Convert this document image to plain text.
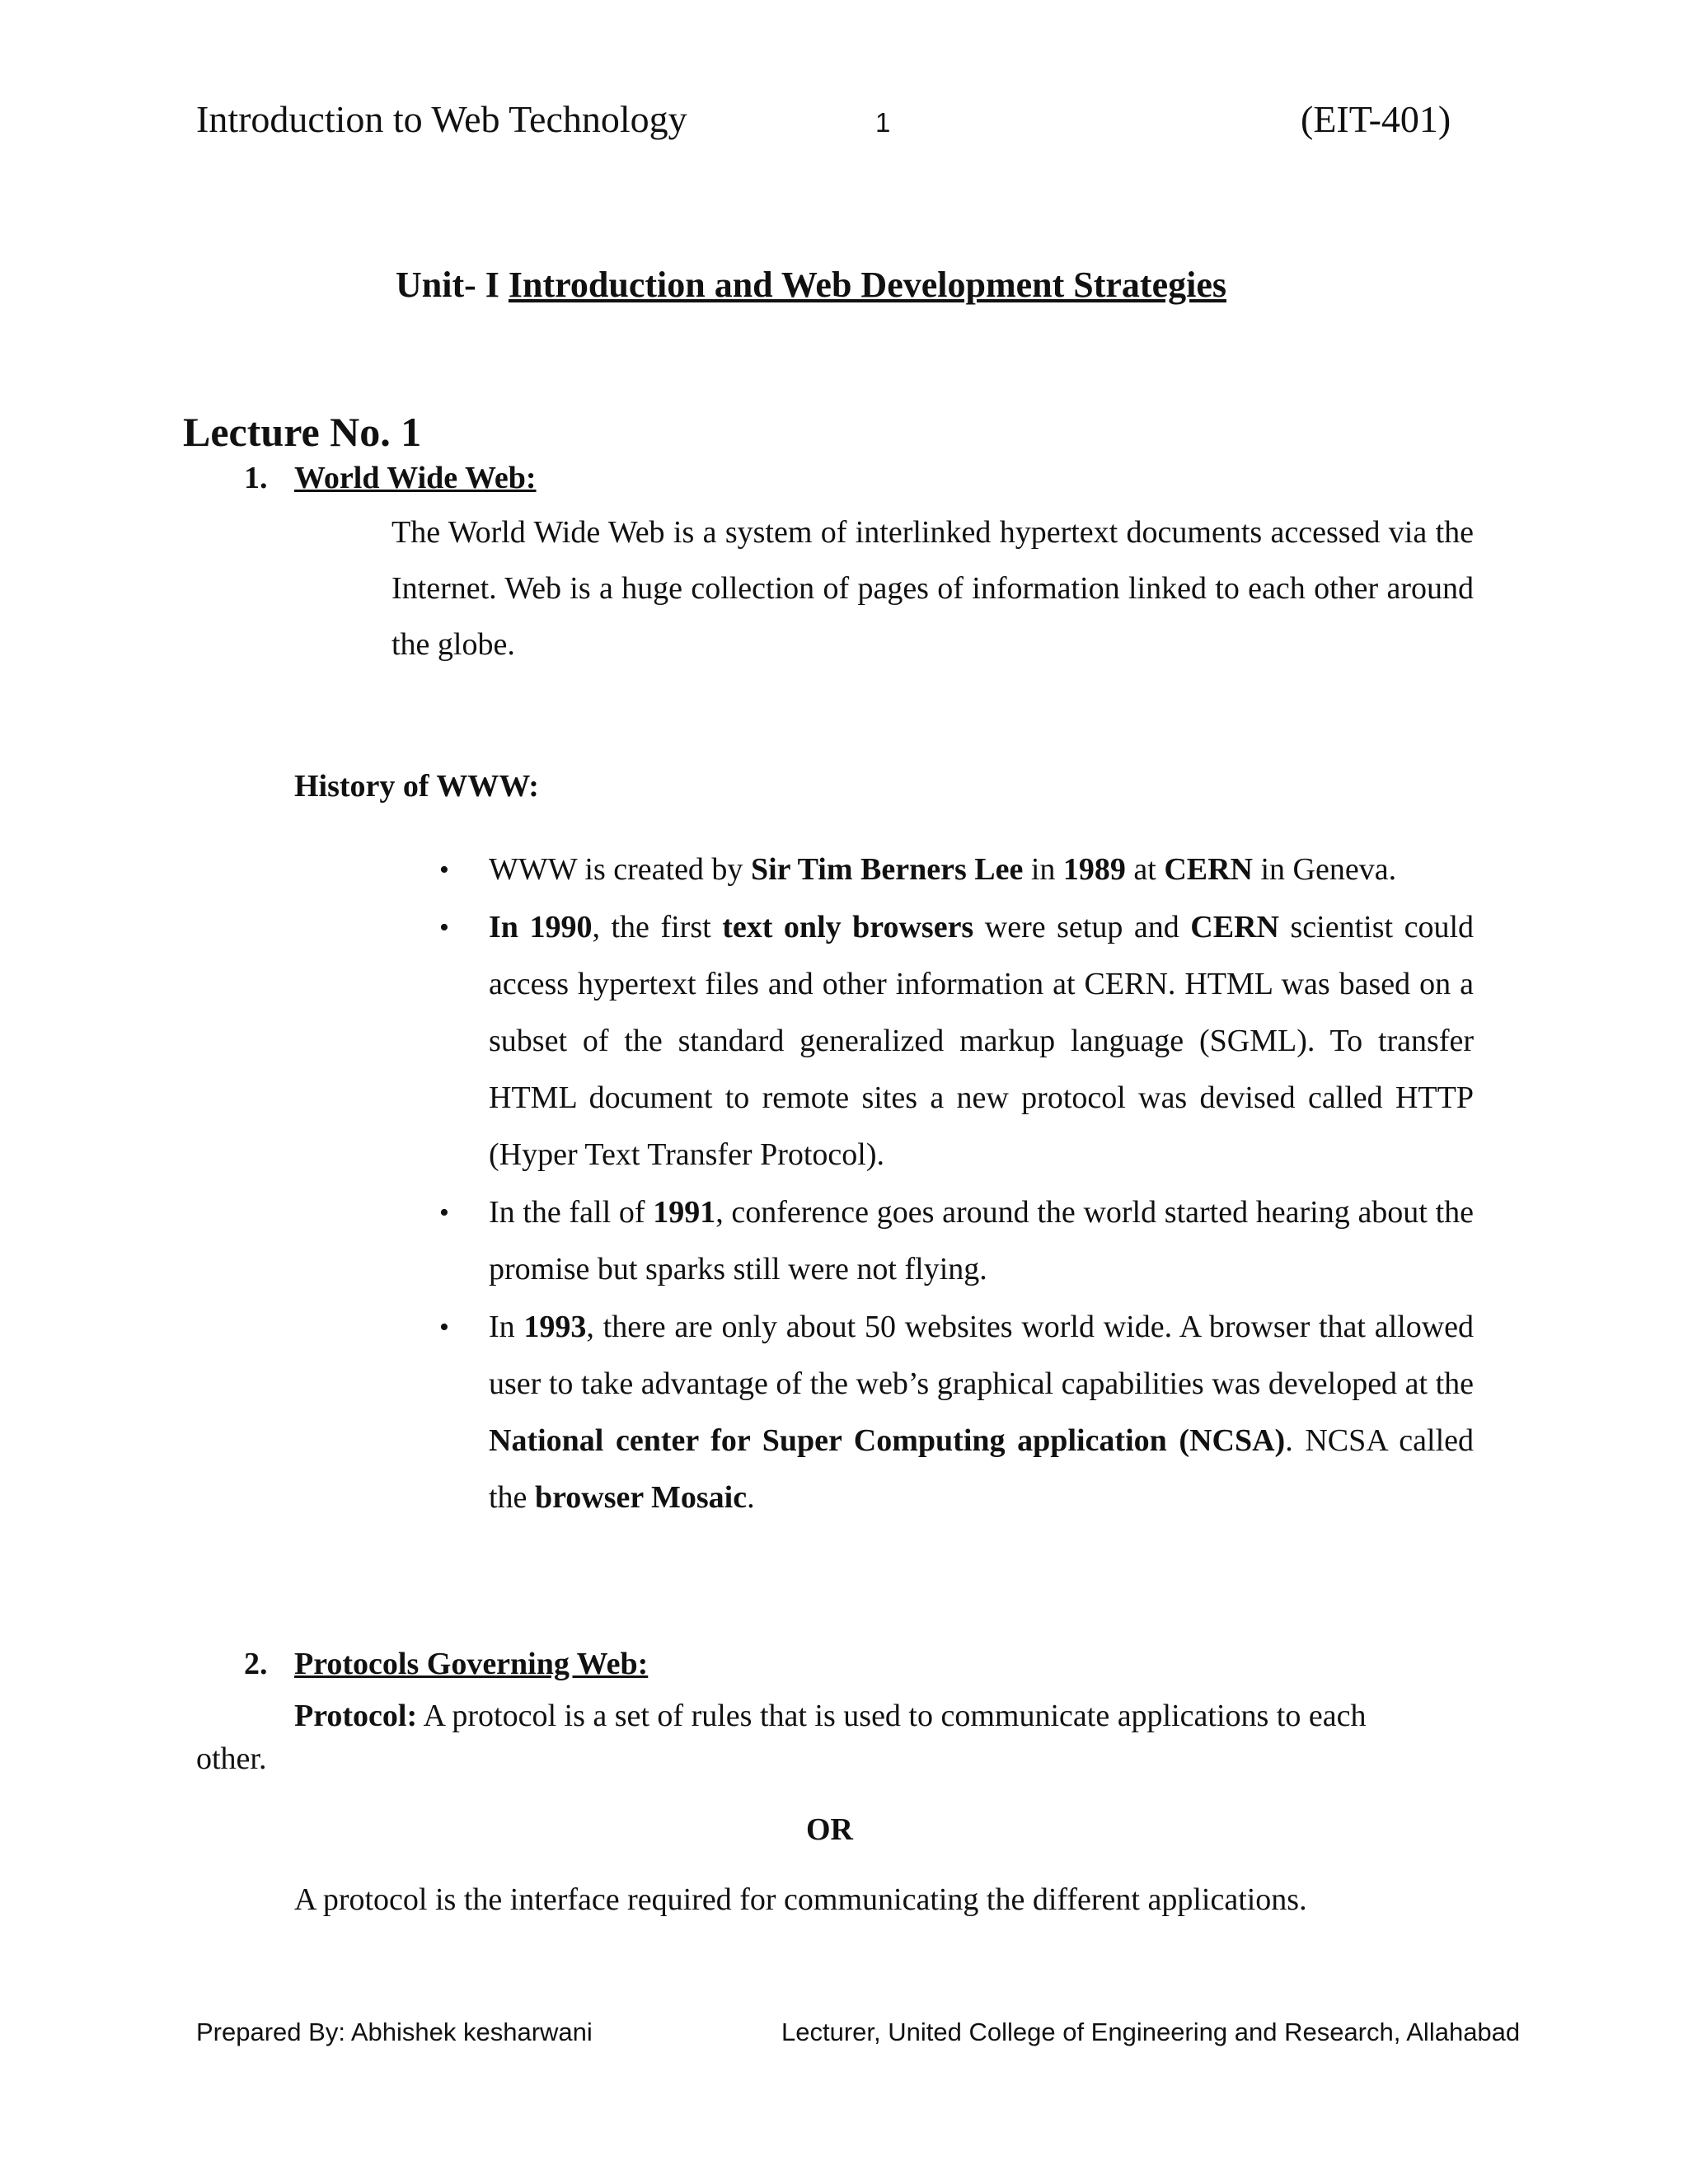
Introduction to Web Technology	1	(EIT-401)
Unit- I Introduction and Web Development Strategies
Lecture No. 1
1. World Wide Web:

The World Wide Web is a system of interlinked hypertext documents accessed via the Internet. Web is a huge collection of pages of information linked to each other around the globe.

History of WWW:
• WWW is created by Sir Tim Berners Lee in 1989 at CERN in Geneva.
• In 1990, the first text only browsers were setup and CERN scientist could access hypertext files and other information at CERN. HTML was based on a subset of the standard generalized markup language (SGML). To transfer HTML document to remote sites a new protocol was devised called HTTP (Hyper Text Transfer Protocol).
• In the fall of 1991, conference goes around the world started hearing about the promise but sparks still were not flying.
• In 1993, there are only about 50 websites world wide. A browser that allowed user to take advantage of the web’s graphical capabilities was developed at the National center for Super Computing application (NCSA). NCSA called the browser Mosaic.
2. Protocols Governing Web:
Protocol: A protocol is a set of rules that is used to communicate applications to each
other.
OR
A protocol is the interface required for communicating the different applications.
Prepared By: Abhishek kesharwani	Lecturer, United College of Engineering and Research, Allahabad
